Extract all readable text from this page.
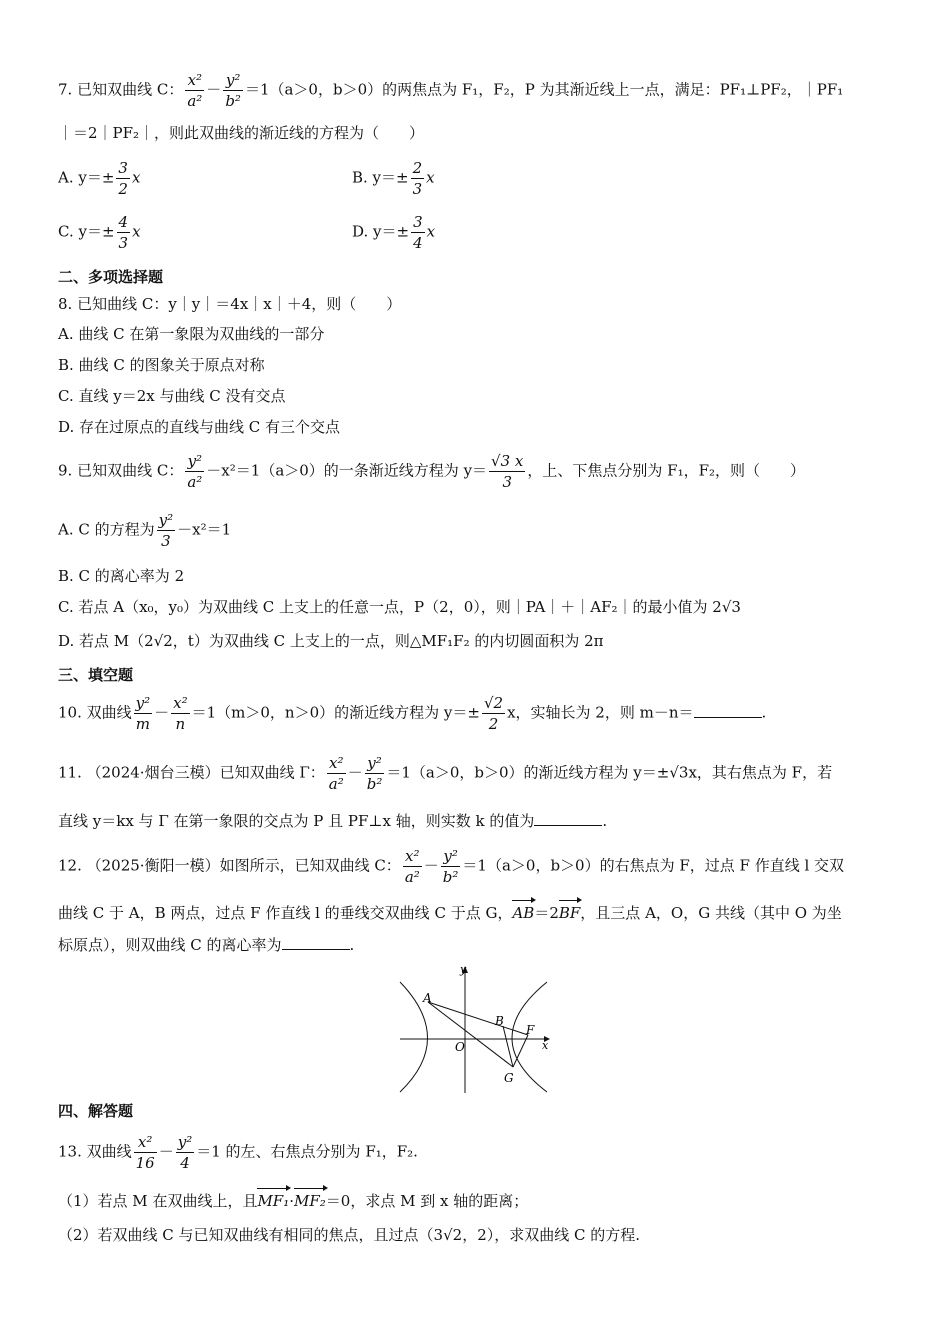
7. 已知双曲线 C： $\frac{\text{x²}}{\text{a²}} - \frac{\text{y²}}{\text{b²}} =1(a>0$，b＞0）的两焦点为 F₁，F₂，P 为其渐近线上一点，满足：PF₁⊥PF₂，｜PF₁
｜＝2｜PF₂｜，则此双曲线的渐近线的方程为（　　）
A. $y=\pm \frac{3}{2}$ x	B. $y=\pm \frac{2}{3}$ x
C. $y=\pm \frac{4}{3}$ x	D. $y=\pm \frac{3}{4}$ x
二、多项选择题
8. 已知曲线 C：y｜y｜＝4x｜x｜＋4，则（　　）
A. 曲线 C 在第一象限为双曲线的一部分
B. 曲线 C 的图象关于原点对称
C. 直线 y＝2x 与曲线 C 没有交点
D. 存在过原点的直线与曲线 C 有三个交点
9. 已知双曲线 C： $\frac{\text{y²}}{\text{a²}} -x^2=1(a>0)$的一条渐近线方程为 $y= \frac{√3 x}{3}$ ，上、下焦点分别为 F₁，F₂，则（　　）
A. C 的方程为 $\frac{\text{y²}}{3} -x^2=1$
B. C 的离心率为 2
C. 若点 A（x₀，y₀）为双曲线 C 上支上的任意一点，P（2，0），则｜PA｜＋｜AF₂｜的最小值为 2√3
D. 若点 M（2√2，t）为双曲线 C 上支上的一点，则△MF₁F₂ 的内切圆面积为 2π
三、填空题
10. 双曲线 $\frac{\text{y²}}{m} - \frac{\text{x²}}{n} =1(m>0$，n＞0）的渐近线方程为 $y=\pm \frac{√2}{2}$ x，实轴长为 2，则 m－n＝	.
11. （2024·烟台三模）已知双曲线 Γ： $\frac{\text{x²}}{\text{a²}} - \frac{\text{y²}}{\text{b²}} =1(a>0$，b＞0）的渐近线方程为 y＝±√3x，其右焦点为 F，若
直线 y＝kx 与 Γ 在第一象限的交点为 P 且 PF⊥x 轴，则实数 k 的值为	.
12. （2025·衡阳一模）如图所示，已知双曲线 C： $\frac{\text{x²}}{\text{a²}} - \frac{\text{y²}}{\text{b²}} =1(a>0$，b＞0）的右焦点为 F，过点 F 作直线 l 交双
曲线 C 于 A，B 两点，过点 F 作直线 l 的垂线交双曲线 C 于点 G，AB＝2BF，且三点 A，O，G 共线（其中 O 为坐
标原点），则双曲线 C 的离心率为	.
y
x
O
A
B
F
G
四、解答题
13. 双曲线 $\frac{\text{x²}}{16} - \frac{\text{y²}}{4} =1$ 的左、右焦点分别为 F₁，F₂.
（1）若点 M 在双曲线上，且MF₁·MF₂＝0，求点 M 到 x 轴的距离；
（2）若双曲线 C 与已知双曲线有相同的焦点，且过点（3√2，2），求双曲线 C 的方程.
